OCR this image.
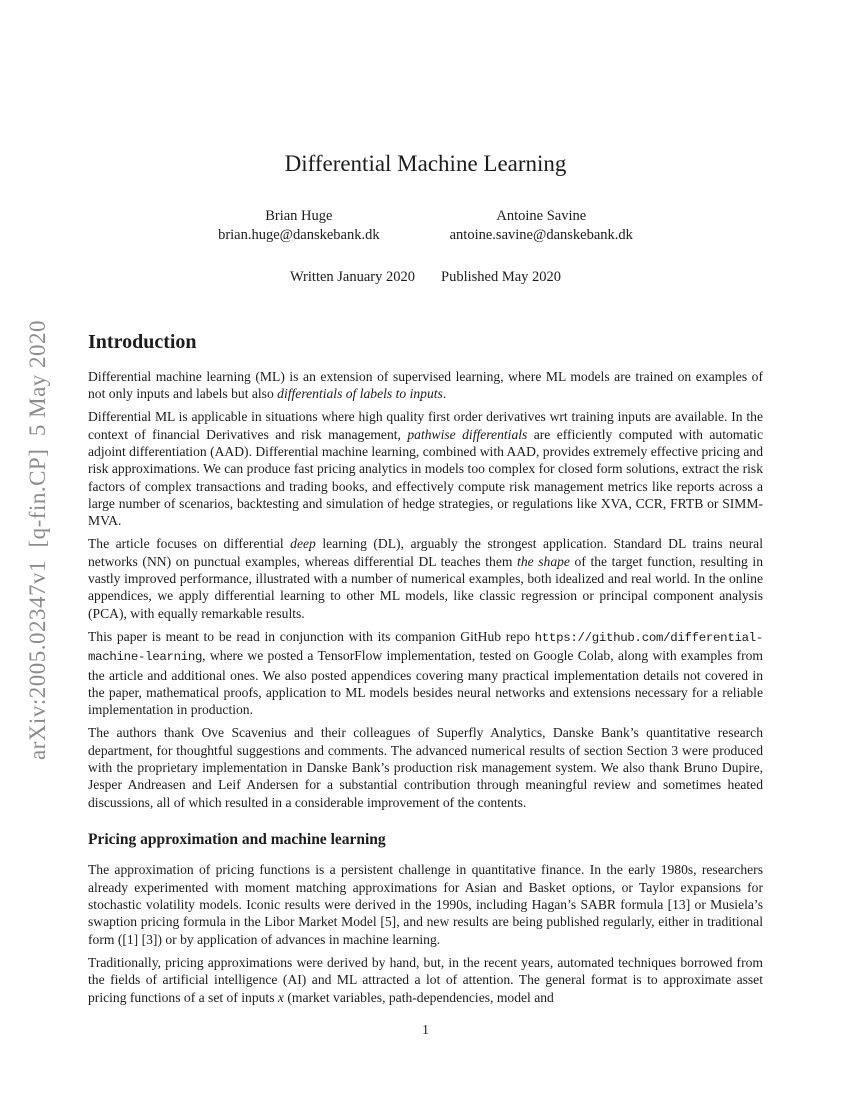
arXiv:2005.02347v1  [q-fin.CP]  5 May 2020
Differential Machine Learning
Brian Huge
brian.huge@danskebank.dk
Antoine Savine
antoine.savine@danskebank.dk
Written January 2020 Published May 2020
Introduction

Differential machine learning (ML) is an extension of supervised learning, where ML models are trained on examples of not only inputs and labels but also differentials of labels to inputs.

Differential ML is applicable in situations where high quality first order derivatives wrt training inputs are available. In the context of financial Derivatives and risk management, pathwise differentials are efficiently computed with automatic adjoint differentiation (AAD). Differential machine learning, combined with AAD, provides extremely effective pricing and risk approximations. We can produce fast pricing analytics in models too complex for closed form solutions, extract the risk factors of complex transactions and trading books, and effectively compute risk management metrics like reports across a large number of scenarios, backtesting and simulation of hedge strategies, or regulations like XVA, CCR, FRTB or SIMM-MVA.

The article focuses on differential deep learning (DL), arguably the strongest application. Standard DL trains neural networks (NN) on punctual examples, whereas differential DL teaches them the shape of the target function, resulting in vastly improved performance, illustrated with a number of numerical examples, both idealized and real world. In the online appendices, we apply differential learning to other ML models, like classic regression or principal component analysis (PCA), with equally remarkable results.

This paper is meant to be read in conjunction with its companion GitHub repo https://github.com/differential-machine-learning, where we posted a TensorFlow implementation, tested on Google Colab, along with examples from the article and additional ones. We also posted appendices covering many practical implementation details not covered in the paper, mathematical proofs, application to ML models besides neural networks and extensions necessary for a reliable implementation in production.

The authors thank Ove Scavenius and their colleagues of Superfly Analytics, Danske Bank’s quantitative research department, for thoughtful suggestions and comments. The advanced numerical results of section Section 3 were produced with the proprietary implementation in Danske Bank’s production risk management system. We also thank Bruno Dupire, Jesper Andreasen and Leif Andersen for a substantial contribution through meaningful review and sometimes heated discussions, all of which resulted in a considerable improvement of the contents.

Pricing approximation and machine learning

The approximation of pricing functions is a persistent challenge in quantitative finance. In the early 1980s, researchers already experimented with moment matching approximations for Asian and Basket options, or Taylor expansions for stochastic volatility models. Iconic results were derived in the 1990s, including Hagan’s SABR formula [13] or Musiela’s swaption pricing formula in the Libor Market Model [5], and new results are being published regularly, either in traditional form ([1] [3]) or by application of advances in machine learning.

Traditionally, pricing approximations were derived by hand, but, in the recent years, automated techniques borrowed from the fields of artificial intelligence (AI) and ML attracted a lot of attention. The general format is to approximate asset pricing functions of a set of inputs x (market variables, path-dependencies, model and

1
